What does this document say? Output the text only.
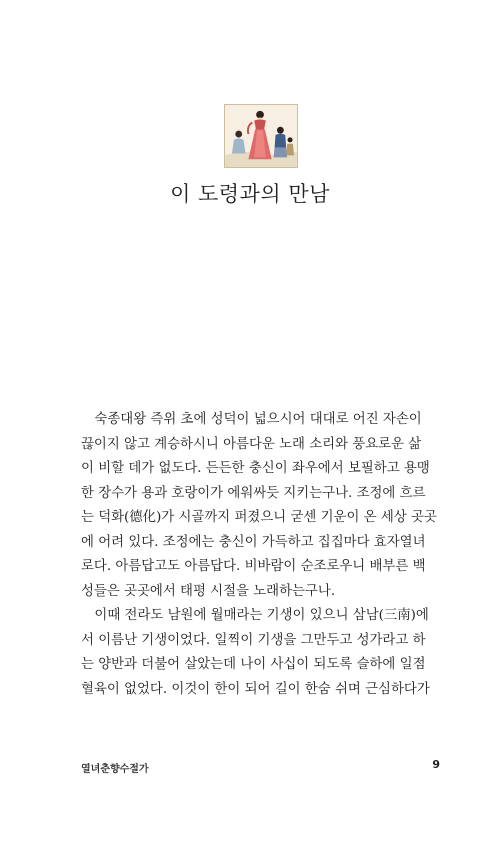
이 도령과의 만남

숙종대왕 즉위 초에 성덕이 넓으시어 대대로 어진 자손이
끊이지 않고 계승하시니 아름다운 노래 소리와 풍요로운 삶
이 비할 데가 없도다. 든든한 충신이 좌우에서 보필하고 용맹
한 장수가 용과 호랑이가 에워싸듯 지키는구나. 조정에 흐르
는 덕화(德化)가 시골까지 퍼졌으니 굳센 기운이 온 세상 곳곳
에 어려 있다. 조정에는 충신이 가득하고 집집마다 효자열녀
로다. 아름답고도 아름답다. 비바람이 순조로우니 배부른 백
성들은 곳곳에서 태평 시절을 노래하는구나.

이때 전라도 남원에 월매라는 기생이 있으니 삼남(三南)에
서 이름난 기생이었다. 일찍이 기생을 그만두고 성가라고 하
는 양반과 더불어 살았는데 나이 사십이 되도록 슬하에 일점
혈육이 없었다. 이것이 한이 되어 길이 한숨 쉬며 근심하다가

열녀춘향수절가	9
